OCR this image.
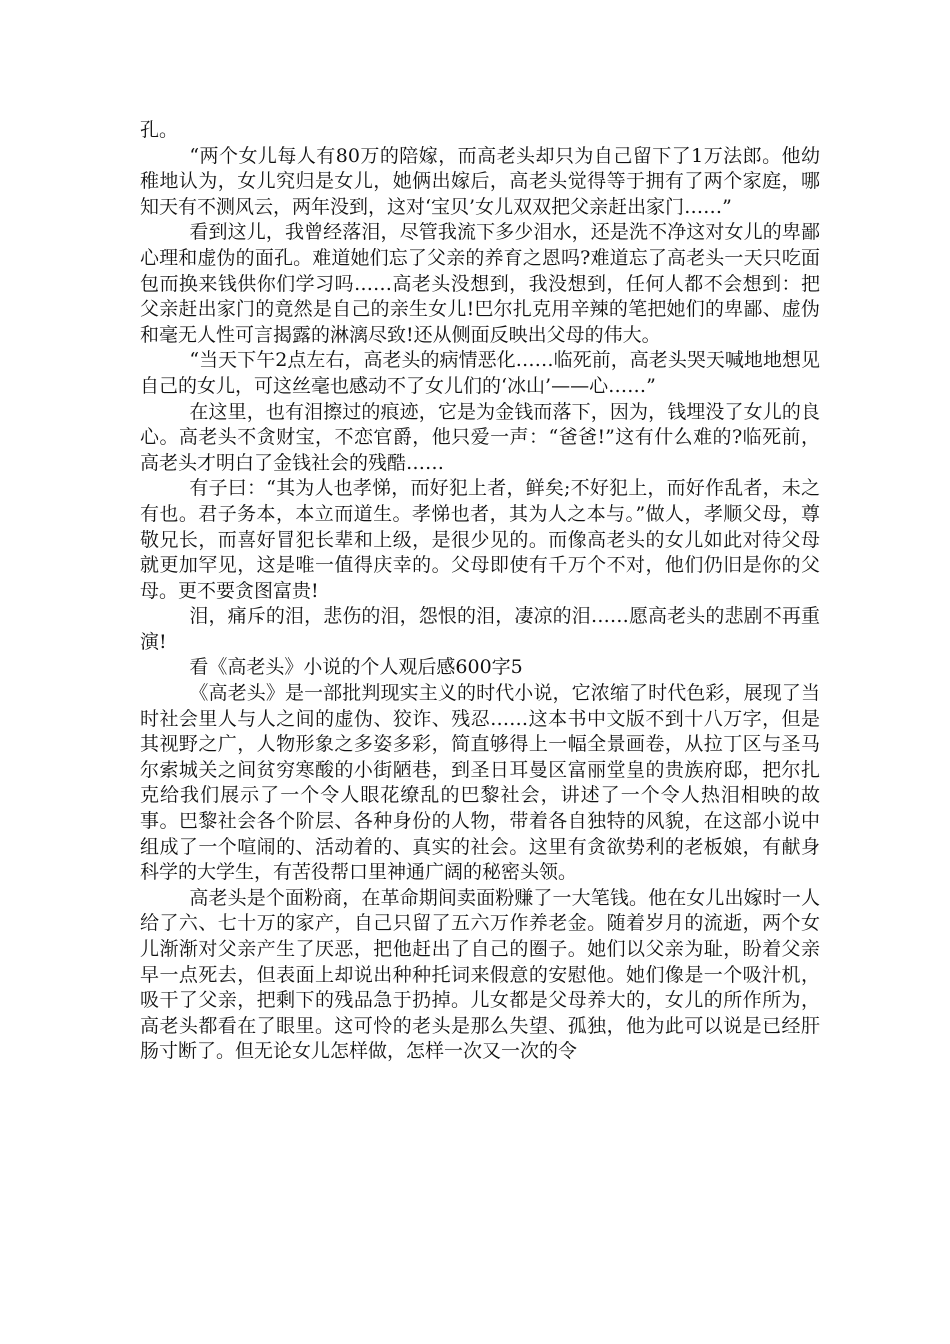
孔。

“两个女儿每人有80万的陪嫁，而高老头却只为自己留下了1万法郎。他幼稚地认为，女儿究归是女儿，她俩出嫁后，高老头觉得等于拥有了两个家庭，哪知天有不测风云，两年没到，这对‘宝贝’女儿双双把父亲赶出家门……”

看到这儿，我曾经落泪，尽管我流下多少泪水，还是洗不净这对女儿的卑鄙心理和虚伪的面孔。难道她们忘了父亲的养育之恩吗?难道忘了高老头一天只吃面包而换来钱供你们学习吗……高老头没想到，我没想到，任何人都不会想到：把父亲赶出家门的竟然是自己的亲生女儿!巴尔扎克用辛辣的笔把她们的卑鄙、虚伪和毫无人性可言揭露的淋漓尽致!还从侧面反映出父母的伟大。

“当天下午2点左右，高老头的病情恶化……临死前，高老头哭天喊地地想见自己的女儿，可这丝毫也感动不了女儿们的‘冰山’——心……”

在这里，也有泪擦过的痕迹，它是为金钱而落下，因为，钱埋没了女儿的良心。高老头不贪财宝，不恋官爵，他只爱一声：“爸爸!”这有什么难的?临死前，高老头才明白了金钱社会的残酷……

有子曰：“其为人也孝悌，而好犯上者，鲜矣;不好犯上，而好作乱者，未之有也。君子务本，本立而道生。孝悌也者，其为人之本与。”做人，孝顺父母，尊敬兄长，而喜好冒犯长辈和上级，是很少见的。而像高老头的女儿如此对待父母就更加罕见，这是唯一值得庆幸的。父母即使有千万个不对，他们仍旧是你的父母。更不要贪图富贵!

泪，痛斥的泪，悲伤的泪，怨恨的泪，凄凉的泪……愿高老头的悲剧不再重演!

看《高老头》小说的个人观后感600字5

《高老头》是一部批判现实主义的时代小说，它浓缩了时代色彩，展现了当时社会里人与人之间的虚伪、狡诈、残忍……这本书中文版不到十八万字，但是其视野之广，人物形象之多姿多彩，简直够得上一幅全景画卷，从拉丁区与圣马尔索城关之间贫穷寒酸的小街陋巷，到圣日耳曼区富丽堂皇的贵族府邸，把尔扎克给我们展示了一个令人眼花缭乱的巴黎社会，讲述了一个令人热泪相映的故事。巴黎社会各个阶层、各种身份的人物，带着各自独特的风貌，在这部小说中组成了一个喧闹的、活动着的、真实的社会。这里有贪欲势利的老板娘，有献身科学的大学生，有苦役帮口里神通广阔的秘密头领。

高老头是个面粉商，在革命期间卖面粉赚了一大笔钱。他在女儿出嫁时一人给了六、七十万的家产，自己只留了五六万作养老金。随着岁月的流逝，两个女儿渐渐对父亲产生了厌恶，把他赶出了自己的圈子。她们以父亲为耻，盼着父亲早一点死去，但表面上却说出种种托词来假意的安慰他。她们像是一个吸汁机，吸干了父亲，把剩下的残品急于扔掉。儿女都是父母养大的，女儿的所作所为，高老头都看在了眼里。这可怜的老头是那么失望、孤独，他为此可以说是已经肝肠寸断了。但无论女儿怎样做，怎样一次又一次的令
